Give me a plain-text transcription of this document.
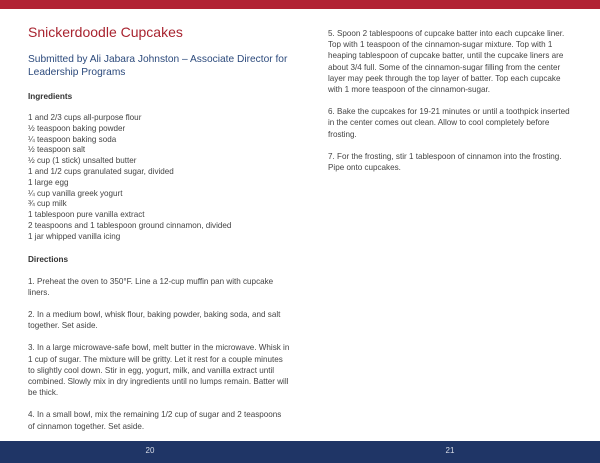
Snickerdoodle Cupcakes
Submitted by Ali Jabara Johnston – Associate Director for Leadership Programs
Ingredients
1 and 2/3 cups all-purpose flour
½ teaspoon baking powder
¼ teaspoon baking soda
½ teaspoon salt
½ cup (1 stick) unsalted butter
1 and 1/2 cups granulated sugar, divided
1 large egg
¼ cup vanilla greek yogurt
¾ cup milk
1 tablespoon pure vanilla extract
2 teaspoons and 1 tablespoon ground cinnamon, divided
1 jar whipped vanilla icing
Directions

1. Preheat the oven to 350°F. Line a 12-cup muffin pan with cupcake liners.

2. In a medium bowl, whisk flour, baking powder, baking soda, and salt together. Set aside.

3. In a large microwave-safe bowl, melt butter in the microwave. Whisk in 1 cup of sugar. The mixture will be gritty. Let it rest for a couple minutes to slightly cool down. Stir in egg, yogurt, milk, and vanilla extract until combined. Slowly mix in dry ingredients until no lumps remain. Batter will be thick.

4. In a small bowl, mix the remaining 1/2 cup of sugar and 2 teaspoons of cinnamon together. Set aside.

5. Spoon 2 tablespoons of cupcake batter into each cupcake liner. Top with 1 teaspoon of the cinnamon-sugar mixture. Top with 1 heaping tablespoon of cupcake batter, until the cupcake liners are about 3/4 full. Some of the cinnamon-sugar filling from the center layer may peek through the top layer of batter. Top each cupcake with 1 more teaspoon of the cinnamon-sugar.

6. Bake the cupcakes for 19-21 minutes or until a toothpick inserted in the center comes out clean. Allow to cool completely before frosting.

7. For the frosting, stir 1 tablespoon of cinnamon into the frosting. Pipe onto cupcakes.

20	21
